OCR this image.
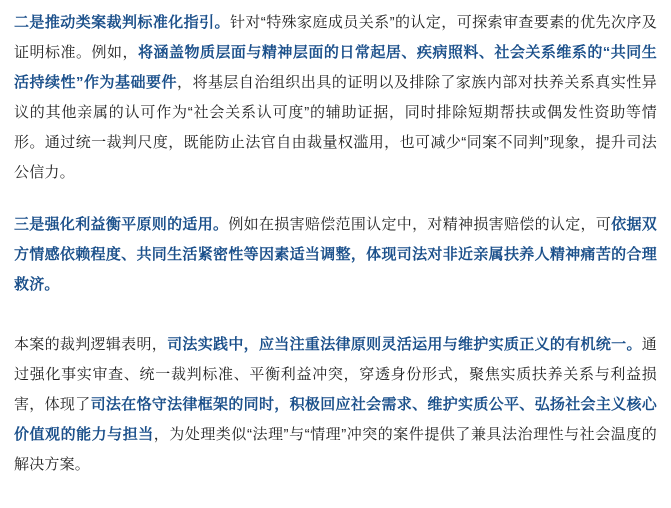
二是推动类案裁判标准化指引。针对“特殊家庭成员关系”的认定，可探索审查要素的优先次序及证明标准。例如，将涵盖物质层面与精神层面的日常起居、疾病照料、社会关系维系的“共同生活持续性”作为基础要件，将基层自治组织出具的证明以及排除了家族内部对扶养关系真实性异议的其他亲属的认可作为“社会关系认可度”的辅助证据，同时排除短期帮扶或偶发性资助等情形。通过统一裁判尺度，既能防止法官自由裁量权滥用，也可减少“同案不同判”现象，提升司法公信力。

三是强化利益衡平原则的适用。例如在损害赔偿范围认定中，对精神损害赔偿的认定，可依据双方情感依赖程度、共同生活紧密性等因素适当调整，体现司法对非近亲属扶养人精神痛苦的合理救济。

本案的裁判逻辑表明，司法实践中，应当注重法律原则灵活运用与维护实质正义的有机统一。通过强化事实审查、统一裁判标准、平衡利益冲突，穿透身份形式，聚焦实质扶养关系与利益损害，体现了司法在恪守法律框架的同时，积极回应社会需求、维护实质公平、弘扬社会主义核心价值观的能力与担当，为处理类似“法理”与“情理”冲突的案件提供了兼具法治理性与社会温度的解决方案。
